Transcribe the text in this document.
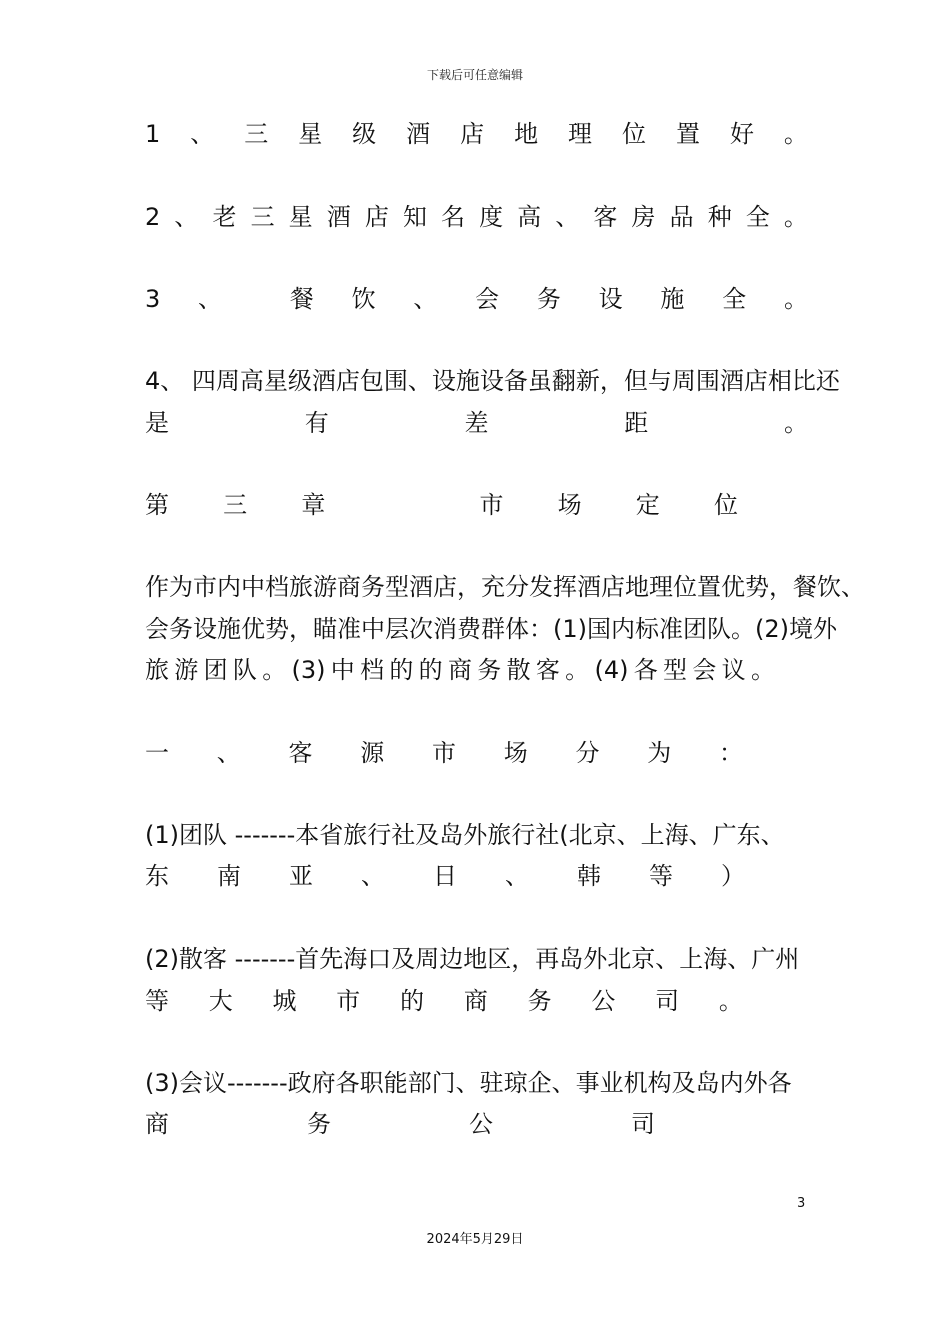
下载后可任意编辑
1 、 三 星 级 酒 店 地 理 位 置 好 。
2 、 老 三 星 酒 店 知 名 度 高 、 客 房 品 种 全 。
3 、	餐 饮 、 会 务 设 施 全 。
4、 四周高星级酒店包围、设施设备虽翻新，但与周围酒店相比还
是	有	差	距	。
第 三 章	市 场 定 位
作为市内中档旅游商务型酒店，充分发挥酒店地理位置优势，餐饮、
会务设施优势，瞄准中层次消费群体：(1)国内标准团队。(2)境外
旅 游 团 队 。 (3) 中 档 的 的 商 务 散 客 。 (4) 各 型 会 议 。
一 、 客 源 市 场 分 为 ：
(1)团队 -------本省旅行社及岛外旅行社(北京、上海、广东、
东 南 亚 、 日 、 韩 等 ）
(2)散客 -------首先海口及周边地区，再岛外北京、上海、广州
等 大 城 市 的 商 务 公 司 。
(3)会议-------政府各职能部门、驻琼企、事业机构及岛内外各
商	务	公	司
3
2024年5月29日
